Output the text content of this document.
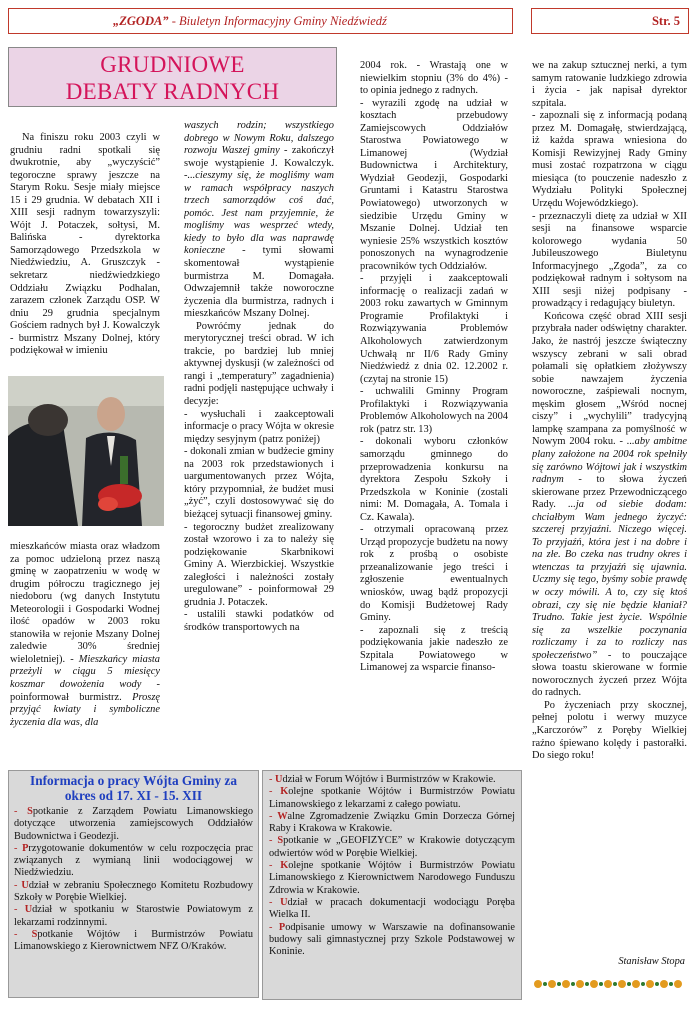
„ZGODA” - Biuletyn Informacyjny Gminy Niedźwiedź	Str. 5
GRUDNIOWE
DEBATY RADNYCH

Na finiszu roku 2003 czyli w grudniu radni spotkali się dwukrotnie, aby „wyczyścić” tegoroczne sprawy jeszcze na Starym Roku. Sesje miały miejsce 15 i 29 grudnia. W debatach XII i XIII sesji radnym towarzyszyli: Wójt J. Potaczek, sołtysi, M. Balińska - dyrektorka Samorządowego Przedszkola w Niedźwiedziu, A. Gruszczyk - sekretarz niedźwiedzkiego Oddziału Związku Podhalan, zarazem członek Zarządu OSP. W dniu 29 grudnia specjalnym Gościem radnych był J. Kowalczyk - burmistrz Mszany Dolnej, który podziękował w imieniu

mieszkańców miasta oraz władzom za pomoc udzieloną przez naszą gminę w zaopatrzeniu w wodę w drugim półroczu tragicznego jej niedoboru (wg danych Instytutu Meteorologii i Gospodarki Wodnej ilość opadów w 2003 roku stanowiła w rejonie Mszany Dolnej zaledwie 30% średniej wieloletniej). - Mieszkańcy miasta przeżyli w ciągu 5 miesięcy koszmar dowożenia wody - poinformował burmistrz. Proszę przyjąć kwiaty i symboliczne życzenia dla was, dla

waszych rodzin; wszystkiego dobrego w Nowym Roku, dalszego rozwoju Waszej gminy - zakończył swoje wystąpienie J. Kowalczyk. -...cieszymy się, że mogliśmy wam w ramach współpracy naszych trzech samorządów coś dać, pomóc. Jest nam przyjemnie, że mogliśmy was wesprzeć wtedy, kiedy to było dla was naprawdę konieczne - tymi słowami skomentował wystąpienie burmistrza M. Domagała. Odwzajemnił także noworoczne życzenia dla burmistrza, radnych i mieszkańców Mszany Dolnej.

Powróćmy jednak do merytorycznej treści obrad. W ich trakcie, po bardziej lub mniej aktywnej dyskusji (w zależności od rangi i „temperatury” zagadnienia) radni podjęli następujące uchwały i decyzje:

- wysłuchali i zaakceptowali informacje o pracy Wójta w okresie między sesyjnym (patrz poniżej)

- dokonali zmian w budżecie gminy na 2003 rok przedstawionych i uargumentowanych przez Wójta, który przypomniał, że budżet musi „żyć”, czyli dostosowywać się do bieżącej sytuacji finansowej gminy.

- tegoroczny budżet zrealizowany został wzorowo i za to należy się podziękowanie Skarbnikowi Gminy A. Wierzbickiej. Wszystkie zaległości i należności zostały uregulowane” - poinformował 29 grudnia J. Potaczek.

- ustalili stawki podatków od środków transportowych na

2004 rok. - Wrastają one w niewielkim stopniu (3% do 4%) - to opinia jednego z radnych.

- wyrazili zgodę na udział w kosztach przebudowy Zamiejscowych Oddziałów Starostwa Powiatowego w Limanowej (Wydział Budownictwa i Architektury, Wydział Geodezji, Gospodarki Gruntami i Katastru Starostwa Powiatowego) utworzonych w siedzibie Urzędu Gminy w Mszanie Dolnej. Udział ten wyniesie 25% wszystkich kosztów ponoszonych na wynagrodzenie pracowników tych Oddziałów.

- przyjęli i zaakceptowali informację o realizacji zadań w 2003 roku zawartych w Gminnym Programie Profilaktyki i Rozwiązywania Problemów Alkoholowych zatwierdzonym Uchwałą nr II/6 Rady Gminy Niedźwiedź z dnia 02. 12.2002 r. (czytaj na stronie 15)

- uchwalili Gminny Program Profilaktyki i Rozwiązywania Problemów Alkoholowych na 2004 rok (patrz str. 13)

- dokonali wyboru członków samorządu gminnego do przeprowadzenia konkursu na dyrektora Zespołu Szkoły i Przedszkola w Koninie (zostali nimi: M. Domagała, A. Tomala i Cz. Kawala).

- otrzymali opracowaną przez Urząd propozycje budżetu na nowy rok z prośbą o osobiste przeanalizowanie jego treści i zgłoszenie ewentualnych wniosków, uwag bądź propozycji do Komisji Budżetowej Rady Gminy.

- zapoznali się z treścią podziękowania jakie nadeszło ze Szpitala Powiatowego w Limanowej za wsparcie finanso-

we na zakup sztucznej nerki, a tym samym ratowanie ludzkiego zdrowia i życia - jak napisał dyrektor szpitala.

- zapoznali się z informacją podaną przez M. Domagałę, stwierdzającą, iż każda sprawa wniesiona do Komisji Rewizyjnej Rady Gminy musi zostać rozpatrzona w ciągu miesiąca (to pouczenie nadeszło z Wydziału Polityki Społecznej Urzędu Wojewódzkiego).

- przeznaczyli dietę za udział w XII sesji na finansowe wsparcie kolorowego wydania 50 Jubileuszowego Biuletynu Informacyjnego „Zgoda”, za co podziękował radnym i sołtysom na XIII sesji niżej podpisany - prowadzący i redagujący biuletyn.

Końcowa część obrad XIII sesji przybrała nader odświętny charakter. Jako, że nastrój jeszcze świąteczny wszyscy zebrani w sali obrad połamali się opłatkiem złożywszy sobie nawzajem życzenia noworoczne, zaśpiewali nocnym, męskim głosem „Wśród nocnej ciszy” i „wychylili” tradycyjną lampkę szampana za pomyślność w Nowym 2004 roku. - ...aby ambitne plany założone na 2004 rok spełniły się zarówno Wójtowi jak i wszystkim radnym - to słowa życzeń skierowane przez Przewodniczącego Rady. ...ja od siebie dodam: chciałbym Wam jednego życzyć: szczerej przyjaźni. Niczego więcej. To przyjaźń, która jest i na dobre i na złe. Bo czeka nas trudny okres i wtenczas ta przyjaźń się ujawnia. Uczmy się tego, byśmy sobie prawdę w oczy mówili. A to, czy się ktoś obrazi, czy się nie będzie kłaniał? Trudno. Takie jest życie. Wspólnie się za wszelkie poczynania rozliczamy i za to rozliczy nas społeczeństwo” - to pouczające słowa toastu skierowane w formie noworocznych życzeń przez Wójta do radnych.

Po życzeniach przy skocznej, pełnej polotu i werwy muzyce „Karczorów” z Poręby Wielkiej raźno śpiewano kolędy i pastorałki. Do siego roku!

Stanisław Stopa
Informacja o pracy Wójta Gminy za okres od 17. XI - 15. XII
- Spotkanie z Zarządem Powiatu Limanowskiego dotyczące utworzenia zamiejscowych Oddziałów Budownictwa i Geodezji.
- Przygotowanie dokumentów w celu rozpoczęcia prac związanych z wymianą linii wodociągowej w Niedźwiedziu.
- Udział w zebraniu Społecznego Komitetu Rozbudowy Szkoły w Porębie Wielkiej.
- Udział w spotkaniu w Starostwie Powiatowym z lekarzami rodzinnymi.
- Spotkanie Wójtów i Burmistrzów Powiatu Limanowskiego z Kierownictwem NFZ O/Kraków.
- Udział w Forum Wójtów i Burmistrzów w Krakowie.
- Kolejne spotkanie Wójtów i Burmistrzów Powiatu Limanowskiego z lekarzami z całego powiatu.
- Walne Zgromadzenie Związku Gmin Dorzecza Górnej Raby i Krakowa w Krakowie.
- Spotkanie w „GEOFIZYCE” w Krakowie dotyczącym odwiertów wód w Porębie Wielkiej.
- Kolejne spotkanie Wójtów i Burmistrzów Powiatu Limanowskiego z Kierownictwem Narodowego Funduszu Zdrowia w Krakowie.
- Udział w pracach dokumentacji wodociągu Poręba Wielka II.
- Podpisanie umowy w Warszawie na dofinansowanie budowy sali gimnastycznej przy Szkole Podstawowej w Koninie.
